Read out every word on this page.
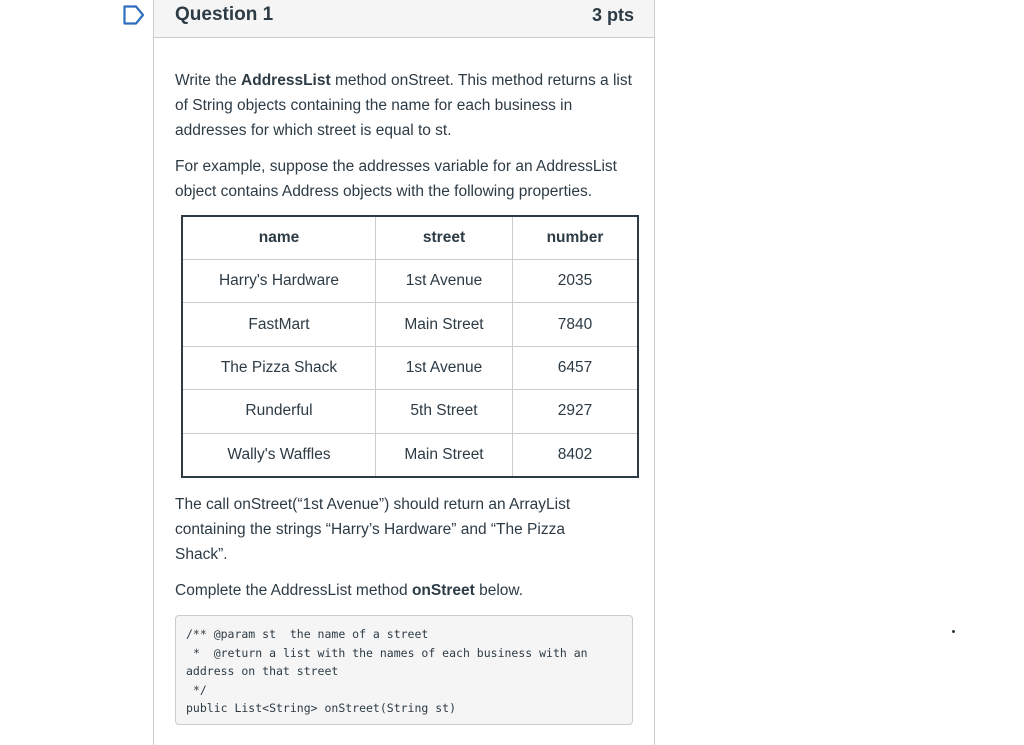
Question 1	3 pts

Write the AddressList method onStreet. This method returns a list of String objects containing the name for each business in addresses for which street is equal to st.

For example, suppose the addresses variable for an AddressList object contains Address objects with the following properties.

name	street	number
Harry's Hardware	1st Avenue	2035
FastMart	Main Street	7840
The Pizza Shack	1st Avenue	6457
Runderful	5th Street	2927
Wally's Waffles	Main Street	8402

The call onStreet(“1st Avenue”) should return an ArrayList containing the strings “Harry’s Hardware” and “The Pizza Shack”.

Complete the AddressList method onStreet below.

/** @param st  the name of a street
*  @return a list with the names of each business with an address on that street
*/
public List<String> onStreet(String st)
